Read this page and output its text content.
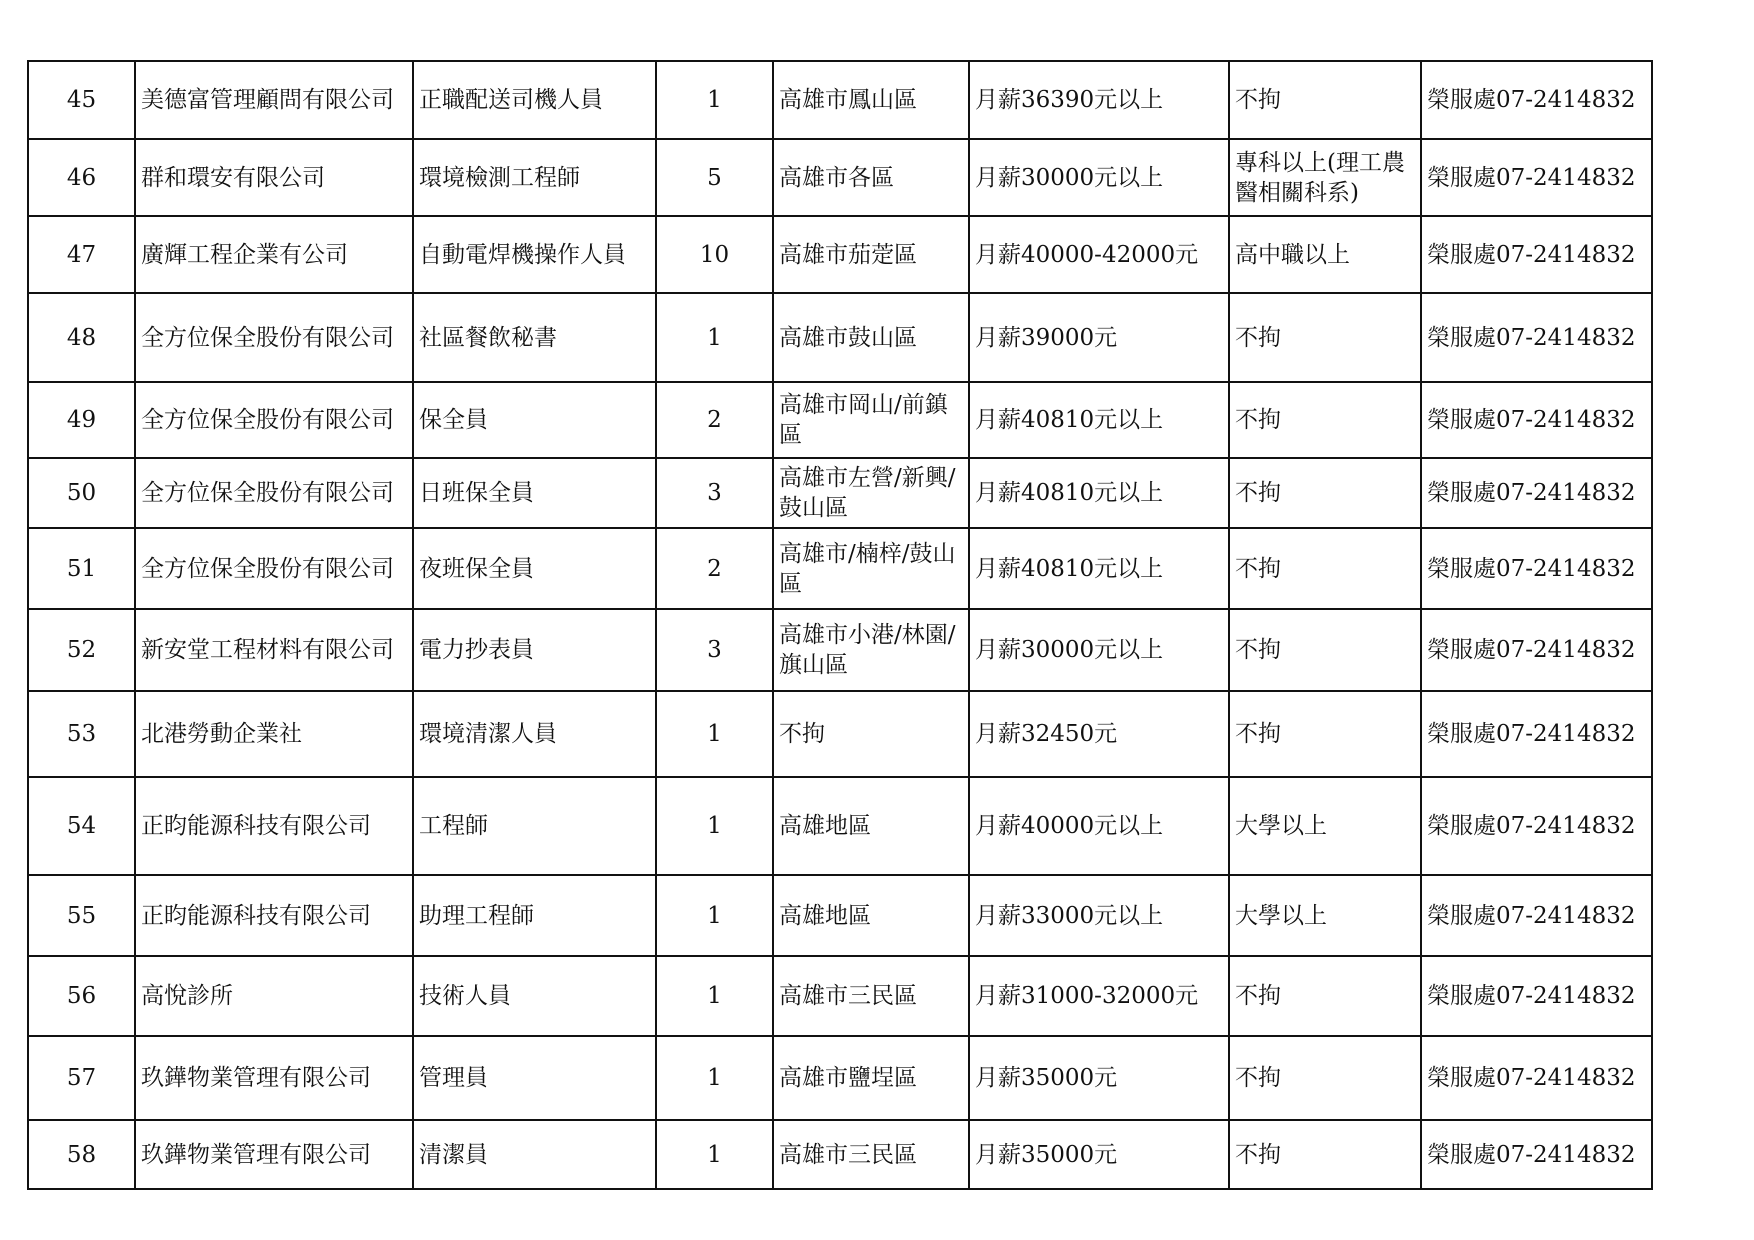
45	美德富管理顧問有限公司	正職配送司機人員	1	高雄市鳳山區	月薪36390元以上	不拘	榮服處07-2414832
46	群和環安有限公司	環境檢測工程師	5	高雄市各區	月薪30000元以上	專科以上(理工農醫相關科系)	榮服處07-2414832
47	廣輝工程企業有公司	自動電焊機操作人員	10	高雄市茄萣區	月薪40000-42000元	高中職以上	榮服處07-2414832
48	全方位保全股份有限公司	社區餐飲秘書	1	高雄市鼓山區	月薪39000元	不拘	榮服處07-2414832
49	全方位保全股份有限公司	保全員	2	高雄市岡山/前鎮區	月薪40810元以上	不拘	榮服處07-2414832
50	全方位保全股份有限公司	日班保全員	3	高雄市左營/新興/鼓山區	月薪40810元以上	不拘	榮服處07-2414832
51	全方位保全股份有限公司	夜班保全員	2	高雄市/楠梓/鼓山區	月薪40810元以上	不拘	榮服處07-2414832
52	新安堂工程材料有限公司	電力抄表員	3	高雄市小港/林園/旗山區	月薪30000元以上	不拘	榮服處07-2414832
53	北港勞動企業社	環境清潔人員	1	不拘	月薪32450元	不拘	榮服處07-2414832
54	正昀能源科技有限公司	工程師	1	高雄地區	月薪40000元以上	大學以上	榮服處07-2414832
55	正昀能源科技有限公司	助理工程師	1	高雄地區	月薪33000元以上	大學以上	榮服處07-2414832
56	高悅診所	技術人員	1	高雄市三民區	月薪31000-32000元	不拘	榮服處07-2414832
57	玖鏵物業管理有限公司	管理員	1	高雄市鹽埕區	月薪35000元	不拘	榮服處07-2414832
58	玖鏵物業管理有限公司	清潔員	1	高雄市三民區	月薪35000元	不拘	榮服處07-2414832
